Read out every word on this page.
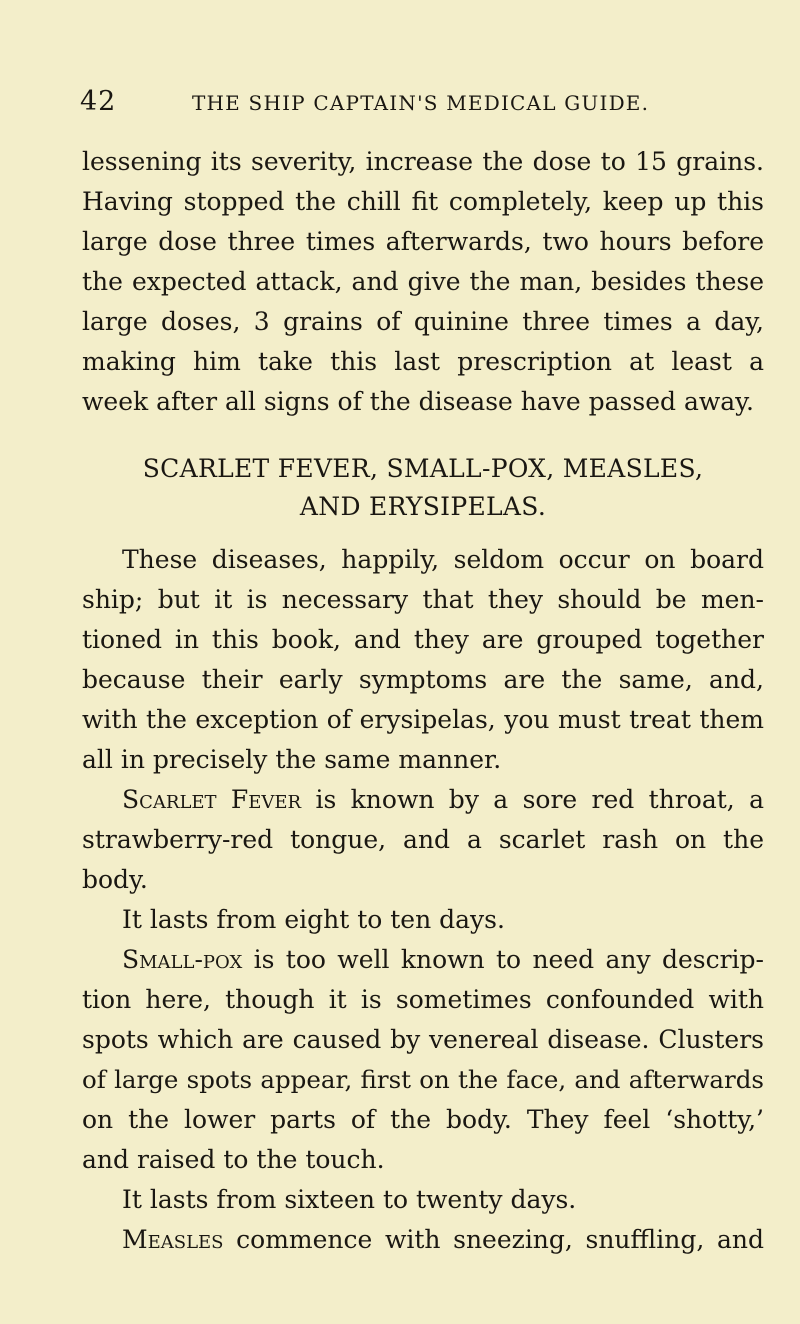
42	THE SHIP CAPTAIN'S MEDICAL GUIDE.
lessening its severity, increase the dose to 15 grains.
Having stopped the chill fit completely, keep up this
large dose three times afterwards, two hours before
the expected attack, and give the man, besides these
large doses, 3 grains of quinine three times a day,
making him take this last prescription at least a
week after all signs of the disease have passed away.
SCARLET FEVER, SMALL-POX, MEASLES,
AND ERYSIPELAS.
These diseases, happily, seldom occur on board
ship; but it is necessary that they should be men-
tioned in this book, and they are grouped together
because their early symptoms are the same, and,
with the exception of erysipelas, you must treat them
all in precisely the same manner.
Scarlet Fever is known by a sore red throat, a
strawberry-red tongue, and a scarlet rash on the
body.
It lasts from eight to ten days.
Small-pox is too well known to need any descrip-
tion here, though it is sometimes confounded with
spots which are caused by venereal disease. Clusters
of large spots appear, first on the face, and afterwards
on the lower parts of the body. They feel ‘shotty,’
and raised to the touch.
It lasts from sixteen to twenty days.
Measles commence with sneezing, snuffling, and
